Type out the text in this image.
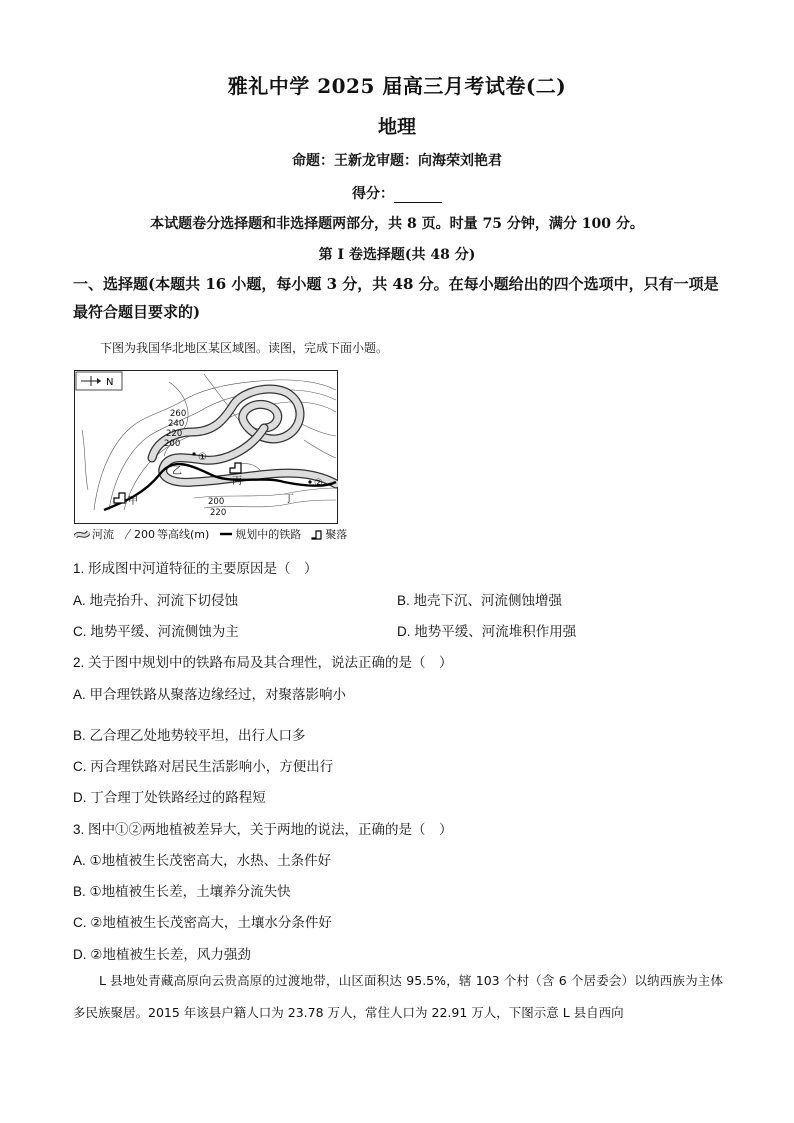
雅礼中学 2025 届高三月考试卷(二)
地理
命题：王新龙审题：向海荣刘艳君
得分：
本试题卷分选择题和非选择题两部分，共 8 页。时量 75 分钟，满分 100 分。
第 I 卷选择题(共 48 分)
一、选择题(本题共 16 小题，每小题 3 分，共 48 分。在每小题给出的四个选项中，只有一项是最符合题目要求的)
下图为我国华北地区某区域图。读图，完成下面小题。
N
①
②
260
240
220
200
200
220
甲
乙
丙
丁
河流 200 等高线(m) 规划中的铁路 聚落
1. 形成图中河道特征的主要原因是（　）
A. 地壳抬升、河流下切侵蚀	B. 地壳下沉、河流侧蚀增强
C. 地势平缓、河流侧蚀为主	D. 地势平缓、河流堆积作用强
2. 关于图中规划中的铁路布局及其合理性，说法正确的是（　）
A. 甲合理铁路从聚落边缘经过，对聚落影响小
B. 乙合理乙处地势较平坦，出行人口多
C. 丙合理铁路对居民生活影响小，方便出行
D. 丁合理丁处铁路经过的路程短
3. 图中①②两地植被差异大，关于两地的说法，正确的是（　）
A. ①地植被生长茂密高大，水热、土条件好
B. ①地植被生长差，土壤养分流失快
C. ②地植被生长茂密高大，土壤水分条件好
D. ②地植被生长差，风力强劲
L 县地处青藏高原向云贵高原的过渡地带，山区面积达 95.5%，辖 103 个村（含 6 个居委会）以纳西族为主体多民族聚居。2015 年该县户籍人口为 23.78 万人，常住人口为 22.91 万人，下图示意 L 县自西向
